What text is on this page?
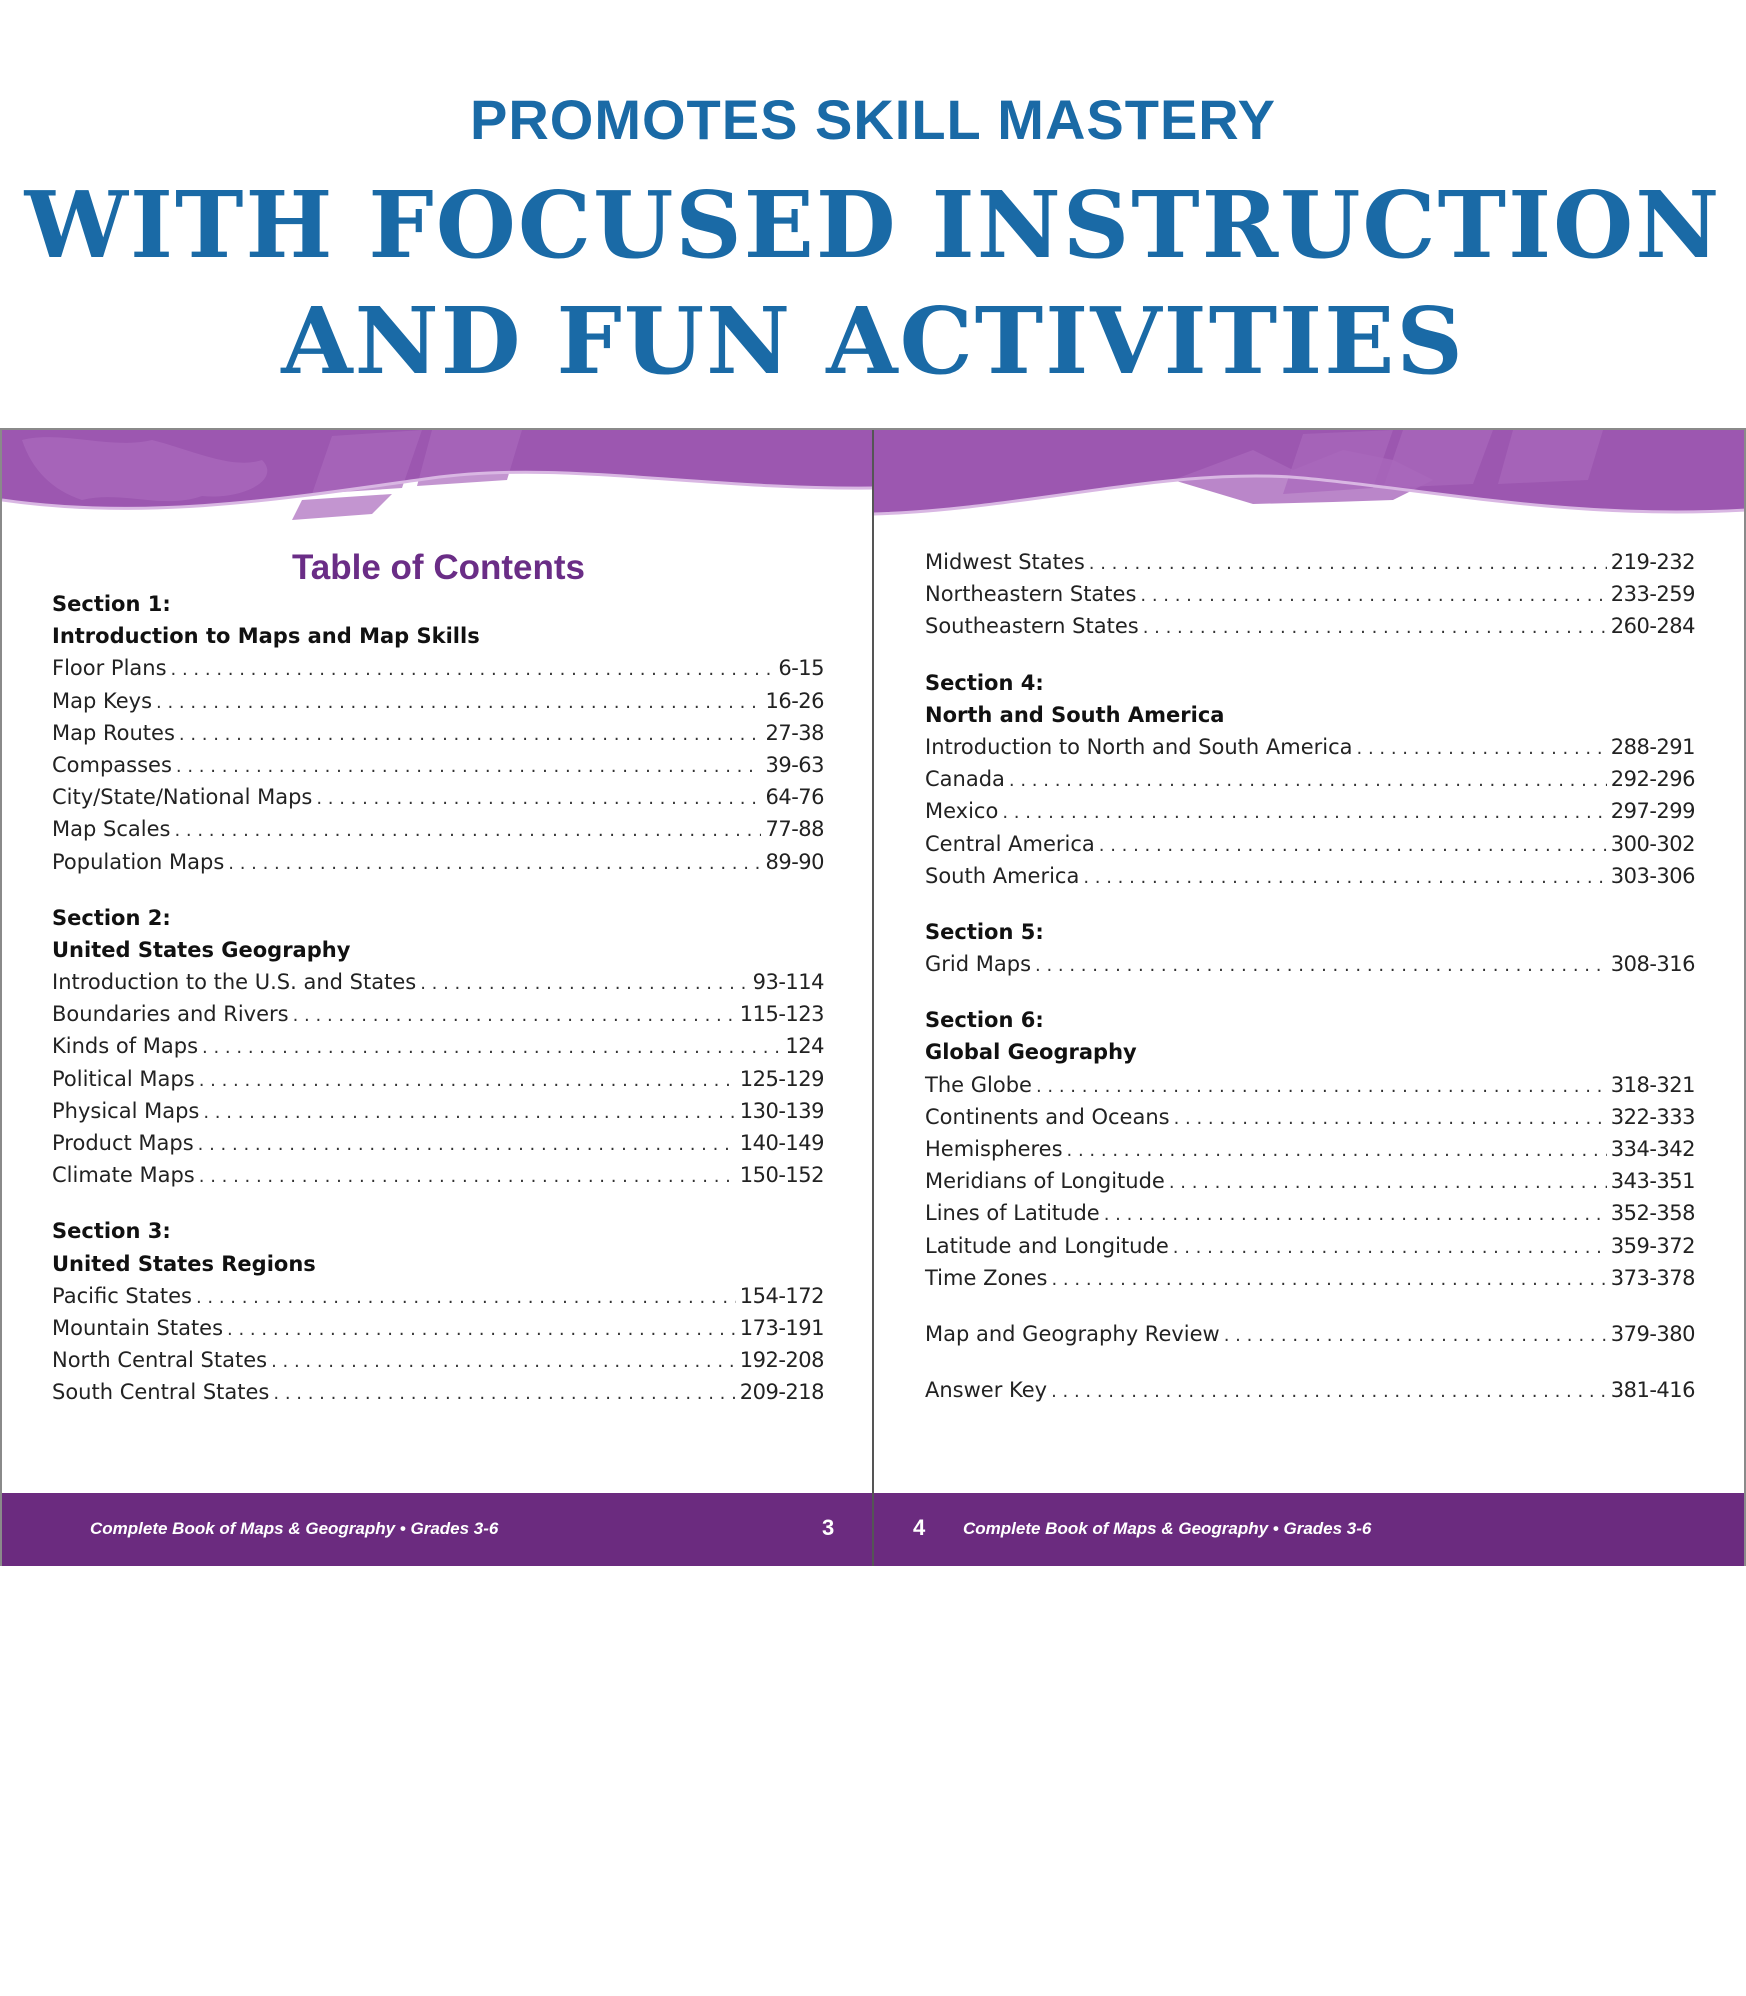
PROMOTES SKILL MASTERY
WITH FOCUSED INSTRUCTION
AND FUN ACTIVITIES
Table of Contents
Section 1:
Introduction to Maps and Map Skills
Floor Plans . . .	6-15
Map Keys . . .	16-26
Map Routes . . .	27-38
Compasses . . .	39-63
City/State/National Maps . . .	64-76
Map Scales . . .	77-88
Population Maps . . .	89-90
Section 2:
United States Geography
Introduction to the U.S. and States . . .	93-114
Boundaries and Rivers . . .	115-123
Kinds of Maps . . .	124
Political Maps . . .	125-129
Physical Maps . . .	130-139
Product Maps . . .	140-149
Climate Maps . . .	150-152
Section 3:
United States Regions
Pacific States . . .	154-172
Mountain States . . .	173-191
North Central States . . .	192-208
South Central States . . .	209-218
Complete Book of Maps & Geography • Grades 3-6	3
Midwest States . . .	219-232
Northeastern States . . .	233-259
Southeastern States . . .	260-284
Section 4:
North and South America
Introduction to North and South America . . .	288-291
Canada . . .	292-296
Mexico . . .	297-299
Central America . . .	300-302
South America . . .	303-306
Section 5:
Grid Maps . . .	308-316
Section 6:
Global Geography
The Globe . . .	318-321
Continents and Oceans . . .	322-333
Hemispheres . . .	334-342
Meridians of Longitude . . .	343-351
Lines of Latitude . . .	352-358
Latitude and Longitude . . .	359-372
Time Zones . . .	373-378
Map and Geography Review . . .	379-380
Answer Key . . .	381-416
4 Complete Book of Maps & Geography • Grades 3-6
